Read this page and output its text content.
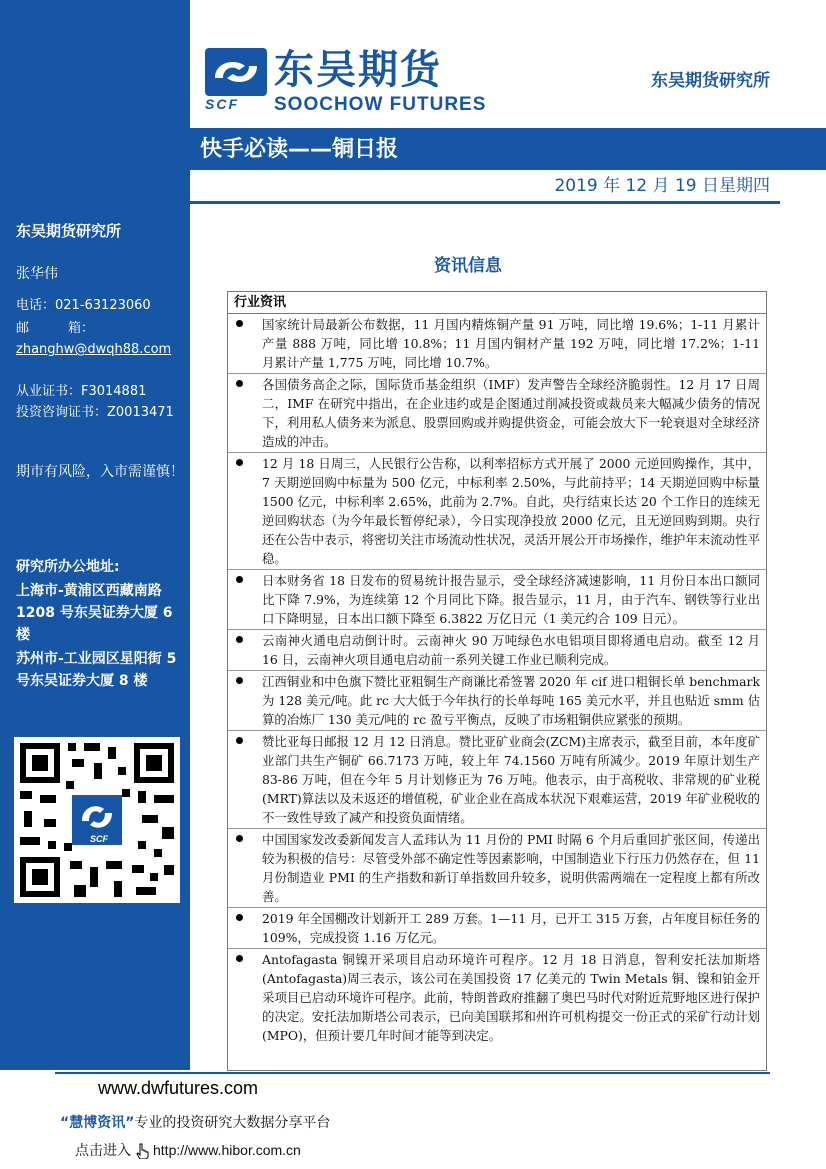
SCF
东吴期货
SOOCHOW FUTURES
东吴期货研究所
快手必读——铜日报
2019 年 12 月 19 日星期四
东吴期货研究所
张华伟
电话：021-63123060
邮　　　箱：
zhanghw@dwqh88.com
从业证书：F3014881
投资咨询证书：Z0013471
期市有风险，入市需谨慎！
研究所办公地址:
上海市-黄浦区西藏南路1208 号东吴证券大厦 6 楼
苏州市-工业园区星阳街 5 号东吴证券大厦 8 楼
SCF
资讯信息
行业资讯
国家统计局最新公布数据，11 月国内精炼铜产量 91 万吨，同比增 19.6%；1-11 月累计产量 888 万吨，同比增 10.8%；11 月国内铜材产量 192 万吨，同比增 17.2%；1-11 月累计产量 1,775 万吨，同比增 10.7%。
各国债务高企之际，国际货币基金组织（IMF）发声警告全球经济脆弱性。12 月 17 日周二，IMF 在研究中指出，在企业违约或是企图通过削减投资或裁员来大幅减少债务的情况下，利用私人债务来为派息、股票回购或并购提供资金，可能会放大下一轮衰退对全球经济造成的冲击。
12 月 18 日周三，人民银行公告称，以利率招标方式开展了 2000 元逆回购操作，其中，7 天期逆回购中标量为 500 亿元，中标利率 2.50%，与此前持平；14 天期逆回购中标量 1500 亿元，中标利率 2.65%，此前为 2.7%。自此，央行结束长达 20 个工作日的连续无逆回购状态（为今年最长暂停纪录），今日实现净投放 2000 亿元，且无逆回购到期。央行还在公告中表示，将密切关注市场流动性状况，灵活开展公开市场操作，维护年末流动性平稳。
日本财务省 18 日发布的贸易统计报告显示，受全球经济减速影响，11 月份日本出口额同比下降 7.9%，为连续第 12 个月同比下降。报告显示，11 月，由于汽车、钢铁等行业出口下降明显，日本出口额下降至 6.3822 万亿日元（1 美元约合 109 日元）。
云南神火通电启动倒计时。云南神火 90 万吨绿色水电铝项目即将通电启动。截至 12 月 16 日，云南神火项目通电启动前一系列关键工作业已顺利完成。
江西铜业和中色旗下赞比亚粗铜生产商谦比希签署 2020 年 cif 进口粗铜长单 benchmark 为 128 美元/吨。此 rc 大大低于今年执行的长单每吨 165 美元水平，并且也贴近 smm 估算的冶炼厂 130 美元/吨的 rc 盈亏平衡点，反映了市场粗铜供应紧张的预期。
赞比亚每日邮报 12 月 12 日消息。赞比亚矿业商会(ZCM)主席表示，截至目前，本年度矿业部门共生产铜矿 66.7173 万吨，较上年 74.1560 万吨有所减少。2019 年原计划生产 83-86 万吨，但在今年 5 月计划修正为 76 万吨。他表示，由于高税收、非常规的矿业税(MRT)算法以及未返还的增值税，矿业企业在高成本状况下艰难运营，2019 年矿业税收的不一致性导致了减产和投资负面情绪。
中国国家发改委新闻发言人孟玮认为 11 月份的 PMI 时隔 6 个月后重回扩张区间，传递出较为积极的信号：尽管受外部不确定性等因素影响，中国制造业下行压力仍然存在，但 11 月份制造业 PMI 的生产指数和新订单指数回升较多，说明供需两端在一定程度上都有所改善。
2019 年全国棚改计划新开工 289 万套。1—11 月，已开工 315 万套，占年度目标任务的 109%，完成投资 1.16 万亿元。
Antofagasta 铜镍开采项目启动环境许可程序。12 月 18 日消息，智利安托法加斯塔(Antofagasta)周三表示，该公司在美国投资 17 亿美元的 Twin Metals 铜、镍和铂金开采项目已启动环境许可程序。此前，特朗普政府推翻了奥巴马时代对附近荒野地区进行保护的决定。安托法加斯塔公司表示，已向美国联邦和州许可机构提交一份正式的采矿行动计划(MPO)，但预计要几年时间才能等到决定。
www.dwfutures.com
“慧博资讯”专业的投资研究大数据分享平台
点击进入 http://www.hibor.com.cn
